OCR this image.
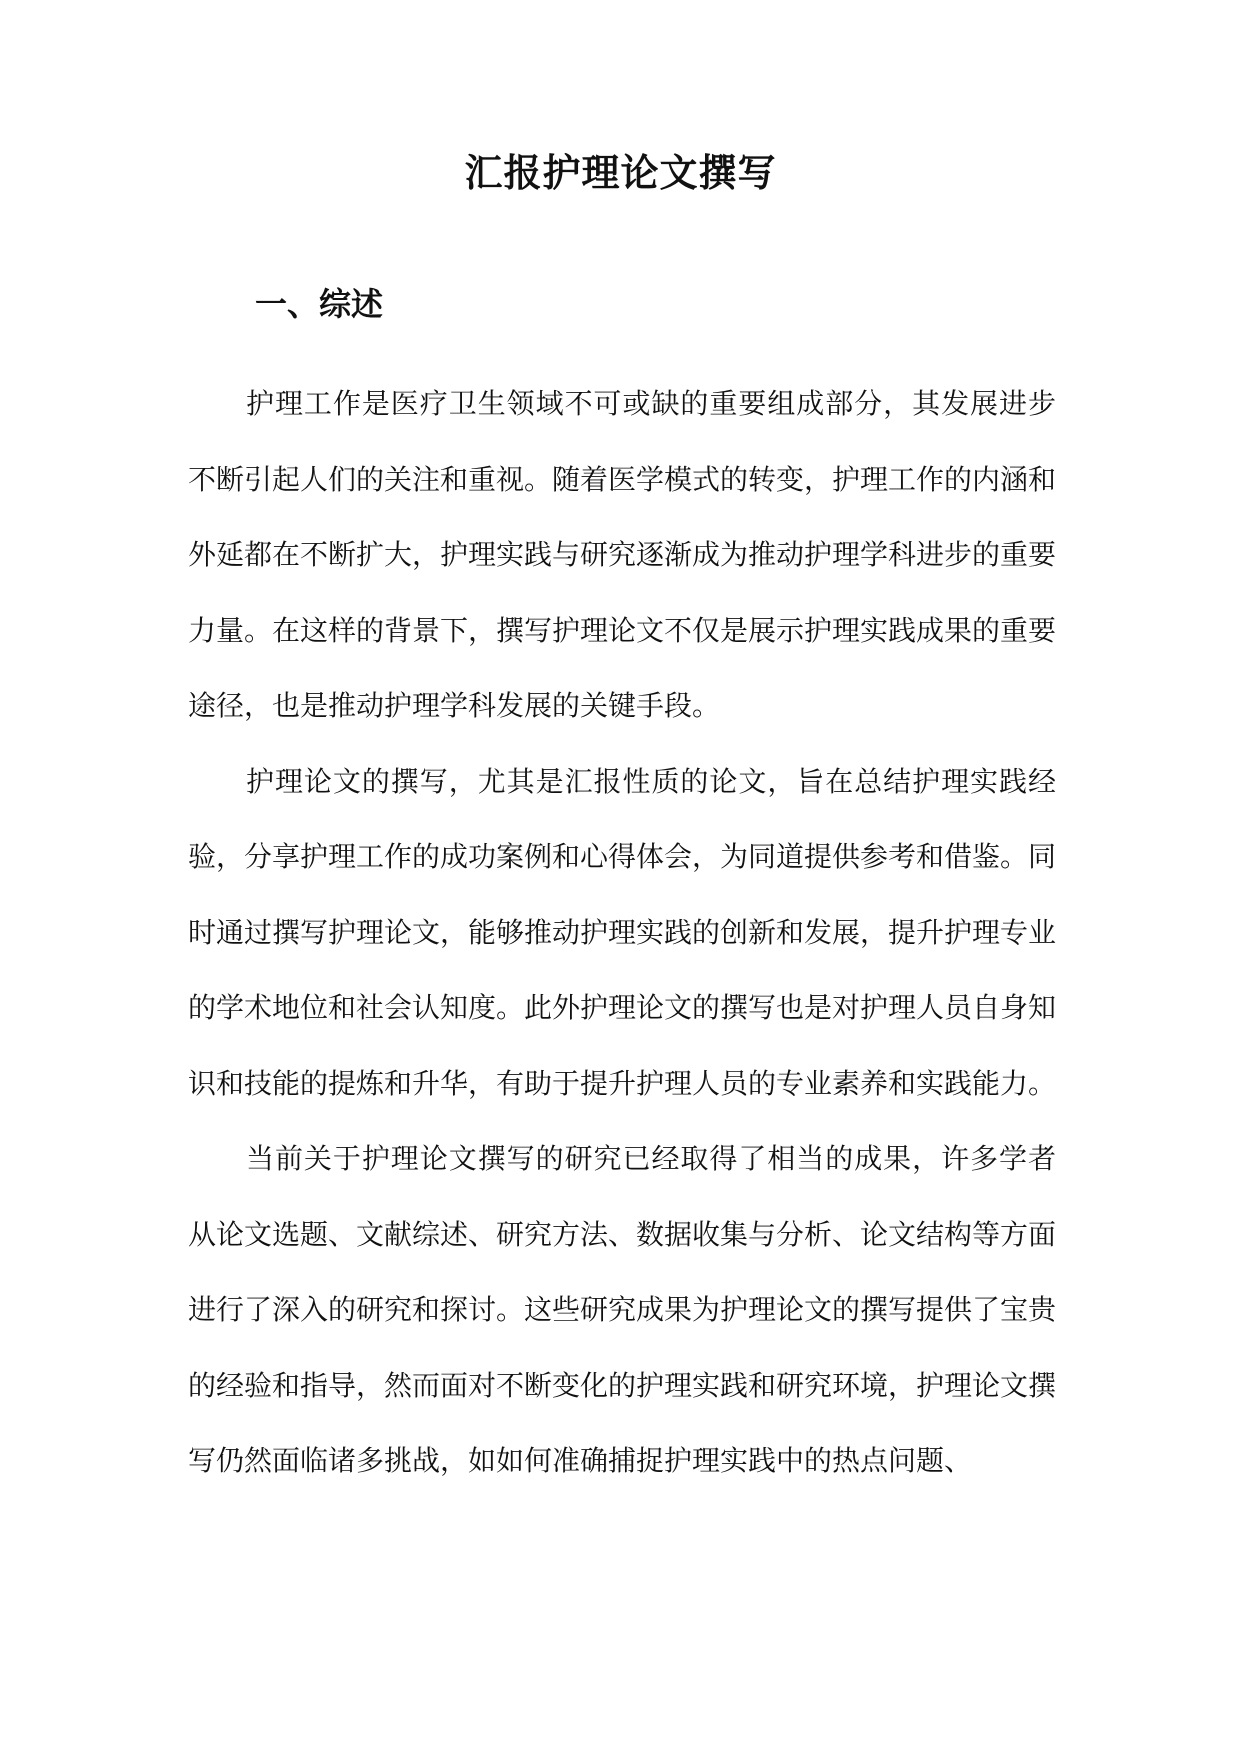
汇报护理论文撰写
一、综述

护理工作是医疗卫生领域不可或缺的重要组成部分，其发展进步不断引起人们的关注和重视。随着医学模式的转变，护理工作的内涵和外延都在不断扩大，护理实践与研究逐渐成为推动护理学科进步的重要力量。在这样的背景下，撰写护理论文不仅是展示护理实践成果的重要途径，也是推动护理学科发展的关键手段。

护理论文的撰写，尤其是汇报性质的论文，旨在总结护理实践经验，分享护理工作的成功案例和心得体会，为同道提供参考和借鉴。同时通过撰写护理论文，能够推动护理实践的创新和发展，提升护理专业的学术地位和社会认知度。此外护理论文的撰写也是对护理人员自身知识和技能的提炼和升华，有助于提升护理人员的专业素养和实践能力。

当前关于护理论文撰写的研究已经取得了相当的成果，许多学者从论文选题、文献综述、研究方法、数据收集与分析、论文结构等方面进行了深入的研究和探讨。这些研究成果为护理论文的撰写提供了宝贵的经验和指导，然而面对不断变化的护理实践和研究环境，护理论文撰写仍然面临诸多挑战，如如何准确捕捉护理实践中的热点问题、
